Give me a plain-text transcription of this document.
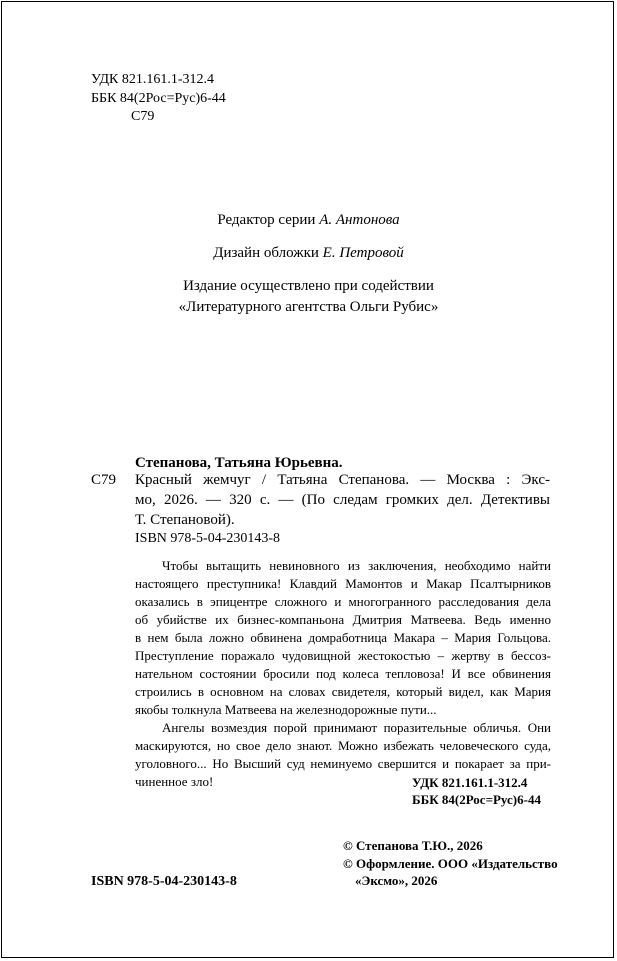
УДК 821.161.1-312.4
ББК 84(2Рос=Рус)6-44
С79
Редактор серии А. Антонова
Дизайн обложки Е. Петровой
Издание осуществлено при содействии
«Литературного агентства Ольги Рубис»
Степанова, Татьяна Юрьевна.
С79 Красный жемчуг / Татьяна Степанова. — Москва : Экс-
мо, 2026. — 320 с. — (По следам громких дел. Детективы
Т. Степановой).
ISBN 978-5-04-230143-8
Чтобы вытащить невиновного из заключения, необходимо найти
настоящего преступника! Клавдий Мамонтов и Макар Псалтырников
оказались в эпицентре сложного и многогранного расследования дела
об убийстве их бизнес-компаньона Дмитрия Матвеева. Ведь именно
в нем была ложно обвинена домработница Макара – Мария Гольцова.
Преступление поражало чудовищной жестокостью – жертву в бессоз-
нательном состоянии бросили под колеса тепловоза! И все обвинения
строились в основном на словах свидетеля, который видел, как Мария
якобы толкнула Матвеева на железнодорожные пути...
Ангелы возмездия порой принимают поразительные обличья. Они
маскируются, но свое дело знают. Можно избежать человеческого суда,
уголовного... Но Высший суд неминуемо свершится и покарает за при-
чиненное зло!	УДК 821.161.1-312.4
ББК 84(2Рос=Рус)6-44
© Степанова Т.Ю., 2026
© Оформление. ООО «Издательство
«Эксмо», 2026
ISBN 978-5-04-230143-8
